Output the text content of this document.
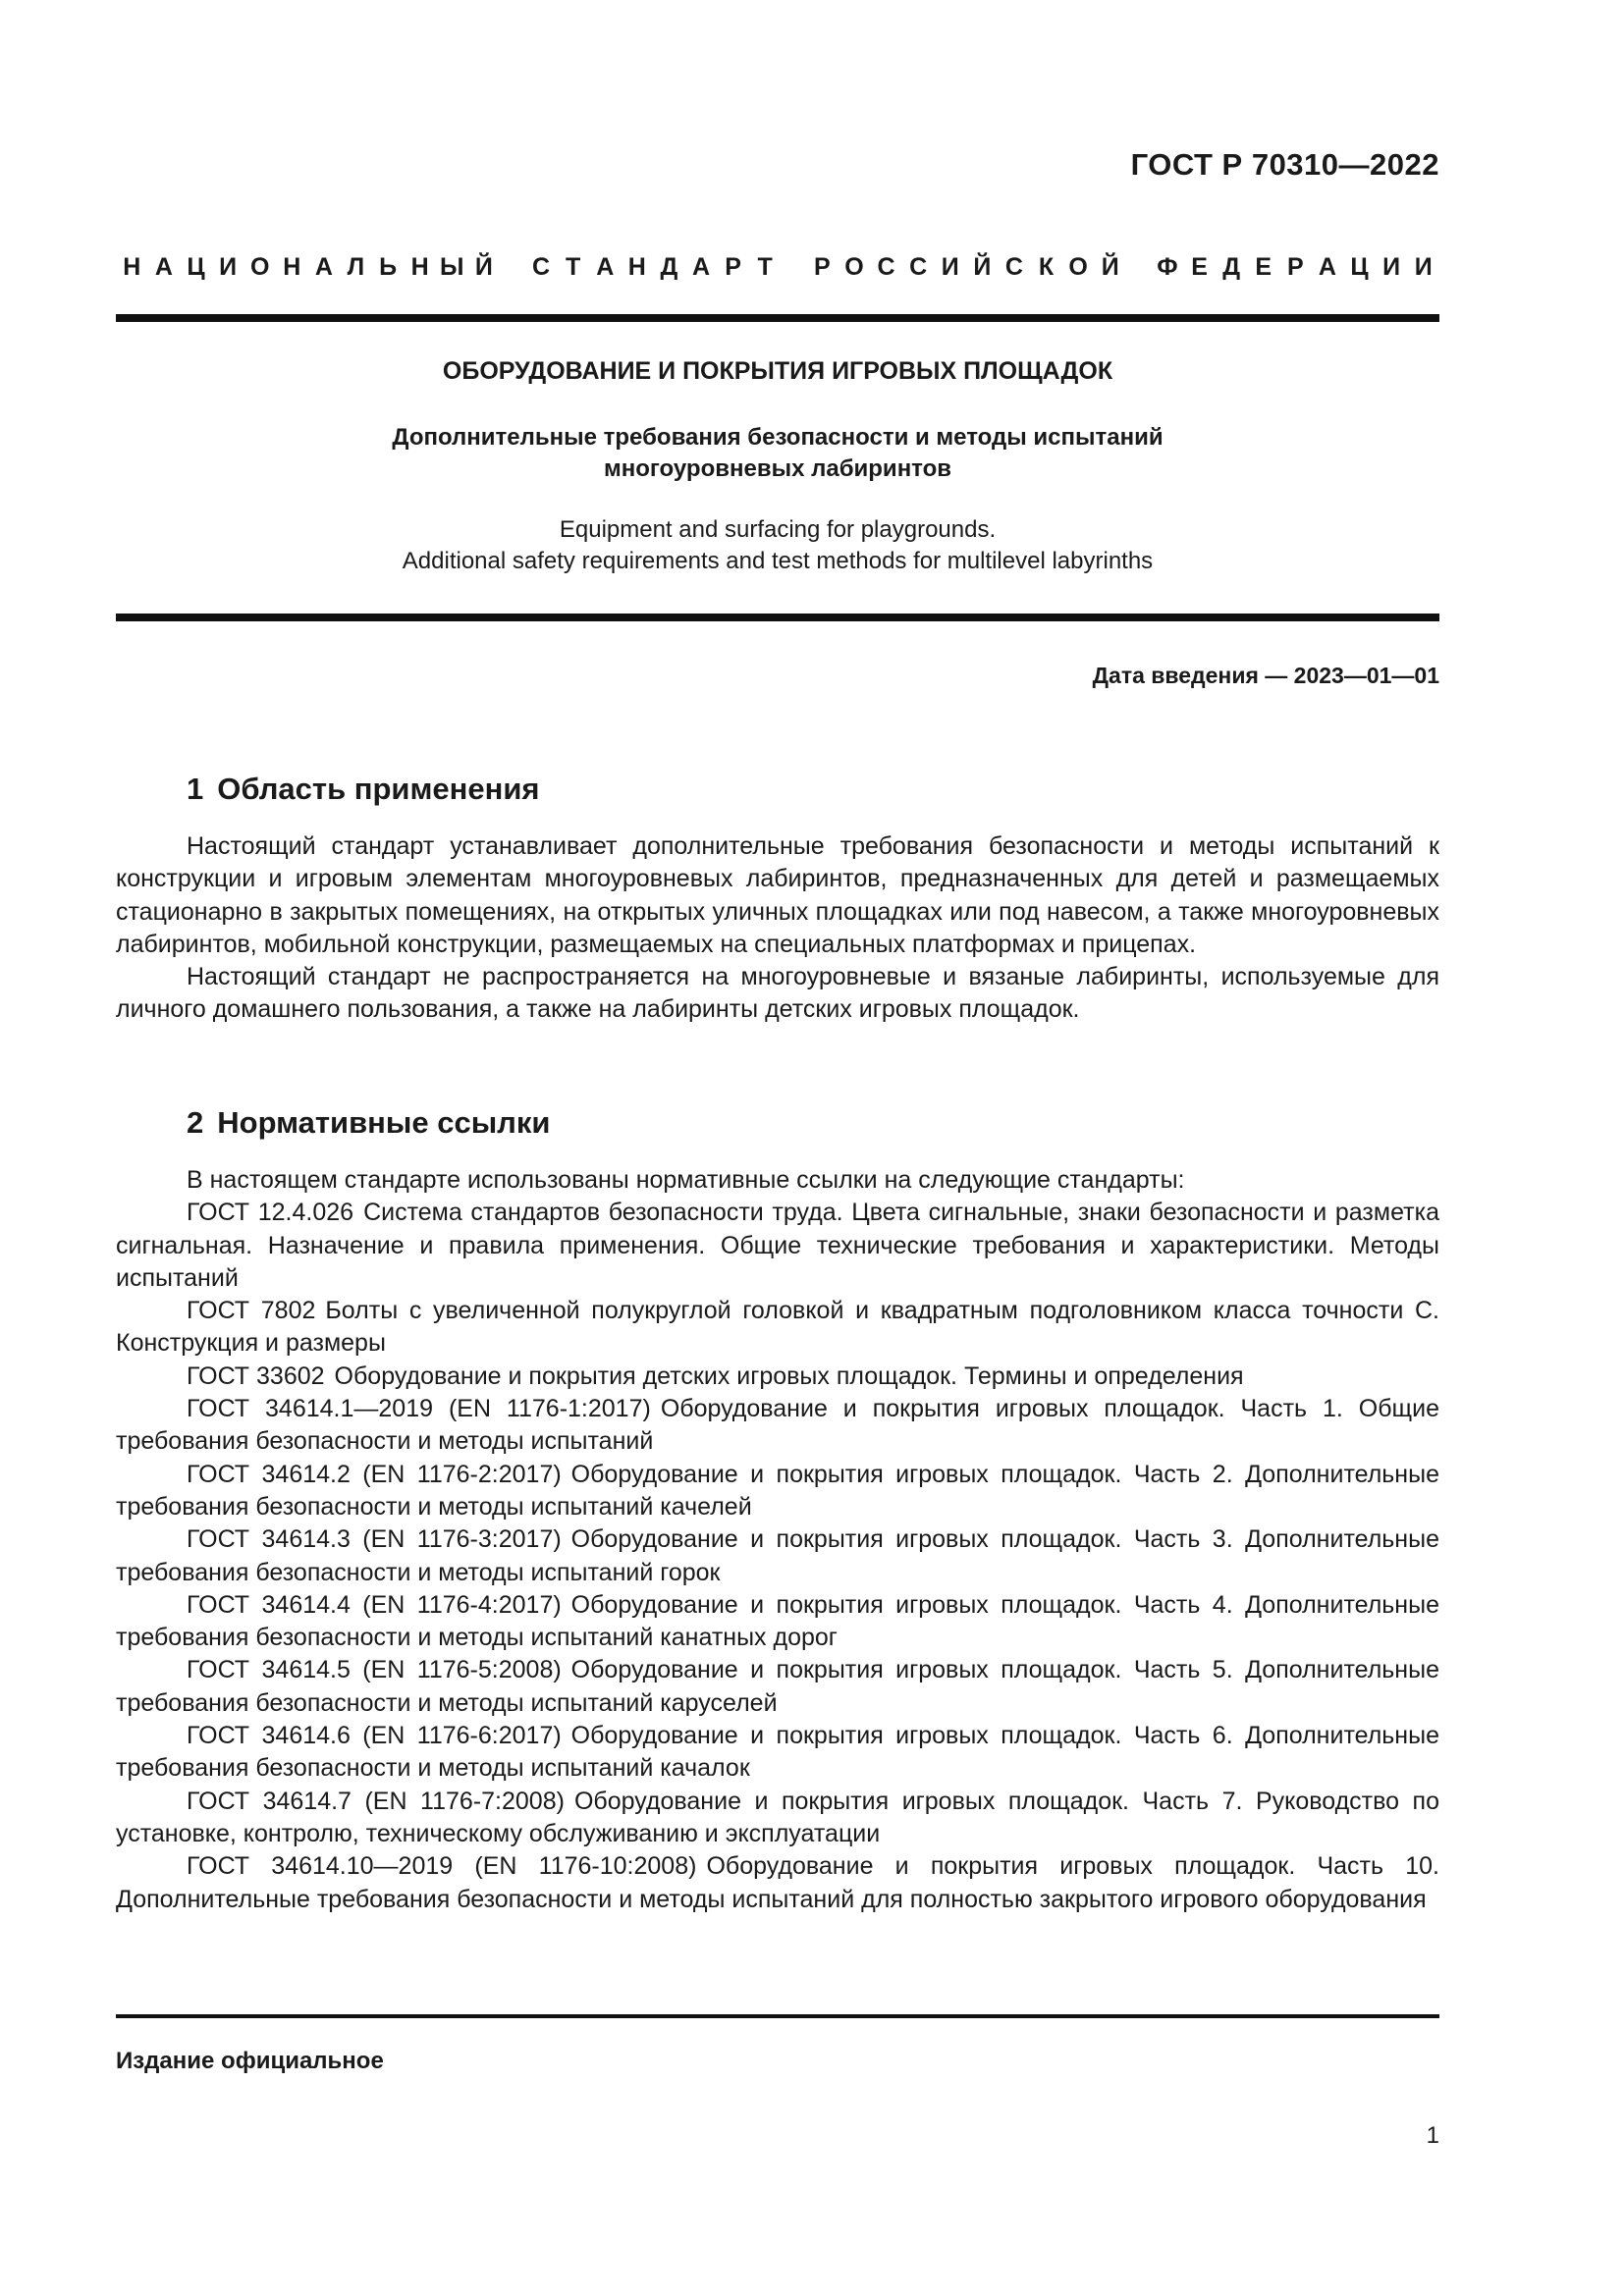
ГОСТ Р 70310—2022
Н А Ц И О Н А Л Ь Н Ы Й С Т А Н Д А Р Т	Р О С С И Й С К О Й Ф Е Д Е Р А Ц И И
ОБОРУДОВАНИЕ И ПОКРЫТИЯ ИГРОВЫХ ПЛОЩАДОК
Дополнительные требования безопасности и методы испытаний
многоуровневых лабиринтов
Equipment and surfacing for playgrounds.
Additional safety requirements and test methods for multilevel labyrinths
Дата введения — 2023—01—01
1 Область применения

Настоящий стандарт устанавливает дополнительные требования безопасности и методы испытаний к конструкции и игровым элементам многоуровневых лабиринтов, предназначенных для детей и размещаемых стационарно в закрытых помещениях, на открытых уличных площадках или под навесом, а также многоуровневых лабиринтов, мобильной конструкции, размещаемых на специальных платформах и прицепах.

Настоящий стандарт не распространяется на многоуровневые и вязаные лабиринты, используемые для личного домашнего пользования, а также на лабиринты детских игровых площадок.

2 Нормативные ссылки

В настоящем стандарте использованы нормативные ссылки на следующие стандарты:

ГОСТ 12.4.026 Система стандартов безопасности труда. Цвета сигнальные, знаки безопасности и разметка сигнальная. Назначение и правила применения. Общие технические требования и характеристики. Методы испытаний

ГОСТ 7802 Болты с увеличенной полукруглой головкой и квадратным подголовником класса точности С. Конструкция и размеры

ГОСТ 33602 Оборудование и покрытия детских игровых площадок. Термины и определения

ГОСТ 34614.1—2019 (EN 1176-1:2017) Оборудование и покрытия игровых площадок. Часть 1. Общие требования безопасности и методы испытаний

ГОСТ 34614.2 (EN 1176-2:2017) Оборудование и покрытия игровых площадок. Часть 2. Дополнительные требования безопасности и методы испытаний качелей

ГОСТ 34614.3 (EN 1176-3:2017) Оборудование и покрытия игровых площадок. Часть 3. Дополнительные требования безопасности и методы испытаний горок

ГОСТ 34614.4 (EN 1176-4:2017) Оборудование и покрытия игровых площадок. Часть 4. Дополнительные требования безопасности и методы испытаний канатных дорог

ГОСТ 34614.5 (EN 1176-5:2008) Оборудование и покрытия игровых площадок. Часть 5. Дополнительные требования безопасности и методы испытаний каруселей

ГОСТ 34614.6 (EN 1176-6:2017) Оборудование и покрытия игровых площадок. Часть 6. Дополнительные требования безопасности и методы испытаний качалок

ГОСТ 34614.7 (EN 1176-7:2008) Оборудование и покрытия игровых площадок. Часть 7. Руководство по установке, контролю, техническому обслуживанию и эксплуатации

ГОСТ 34614.10—2019 (EN 1176-10:2008) Оборудование и покрытия игровых площадок. Часть 10. Дополнительные требования безопасности и методы испытаний для полностью закрытого игрового оборудования

Издание официальное
1
